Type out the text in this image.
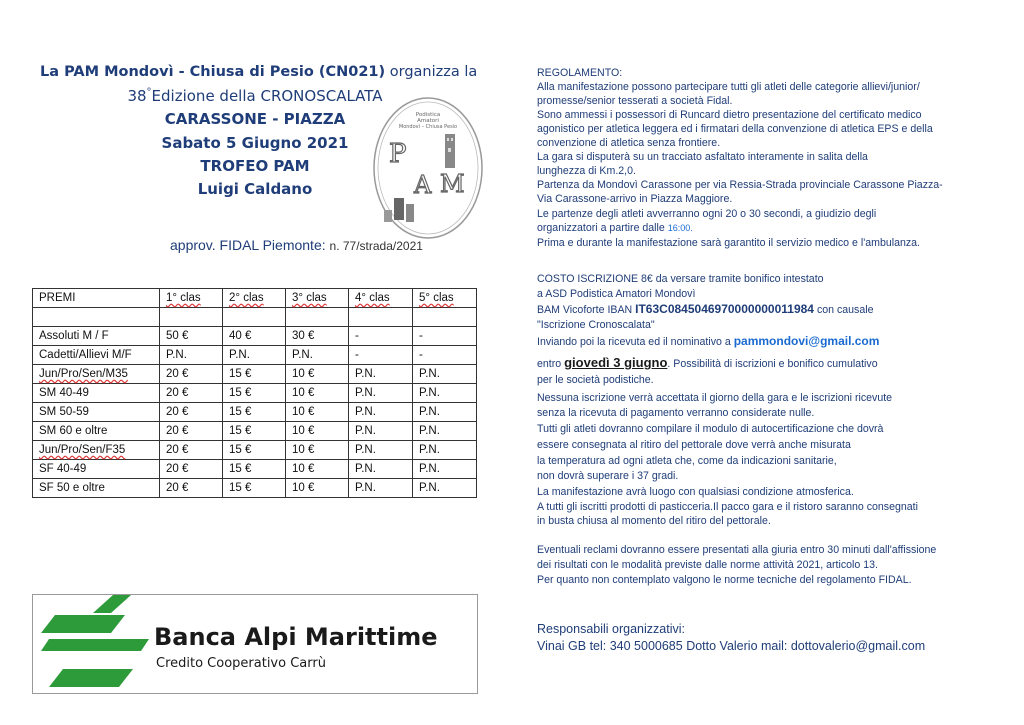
La PAM Mondovì - Chiusa di Pesio (CN021) organizza la
38°Edizione della CRONOSCALATA
CARASSONE - PIAZZA
Sabato 5 Giugno 2021
TROFEO PAM
Luigi Caldano
approv. FIDAL Piemonte: n. 77/strada/2021
Podistica
Amatori
Mondovì – Chiusa Pesio
P
A M
PREMI	1° clas	2° clas	3° clas	4° clas	5° clas

Assoluti M / F	50 €	40 €	30 €	-	-
Cadetti/Allievi M/F	P.N.	P.N.	P.N.	-	-
Jun/Pro/Sen/M35	20 €	15 €	10 €	P.N.	P.N.
SM 40-49	20 €	15 €	10 €	P.N.	P.N.
SM 50-59	20 €	15 €	10 €	P.N.	P.N.
SM 60 e oltre	20 €	15 €	10 €	P.N.	P.N.
Jun/Pro/Sen/F35	20 €	15 €	10 €	P.N.	P.N.
SF 40-49	20 €	15 €	10 €	P.N.	P.N.
SF 50 e oltre	20 €	15 €	10 €	P.N.	P.N.
Banca Alpi Marittime
Credito Cooperativo Carrù
REGOLAMENTO:
Alla manifestazione possono partecipare tutti gli atleti delle categorie allievi/junior/
promesse/senior tesserati a società Fidal.
Sono ammessi i possessori di Runcard dietro presentazione del certificato medico
agonistico per atletica leggera ed i firmatari della convenzione di atletica EPS e della
convenzione di atletica senza frontiere.
La gara si disputerà su un tracciato asfaltato interamente in salita della
lunghezza di Km.2,0.
Partenza da Mondovì Carassone per via Ressia-Strada provinciale Carassone Piazza-
Via Carassone-arrivo in Piazza Maggiore.
Le partenze degli atleti avverranno ogni 20 o 30 secondi, a giudizio degli
organizzatori a partire dalle 16:00.
Prima e durante la manifestazione sarà garantito il servizio medico e l'ambulanza.
COSTO ISCRIZIONE 8€ da versare tramite bonifico intestato
a ASD Podistica Amatori Mondovì
BAM Vicoforte IBAN IT63C0845046970000000011984 con causale
"Iscrizione Cronoscalata"
Inviando poi la ricevuta ed il nominativo a pammondovi@gmail.com
entro giovedì 3 giugno. Possibilità di iscrizioni e bonifico cumulativo
per le società podistiche.
Nessuna iscrizione verrà accettata il giorno della gara e le iscrizioni ricevute
senza la ricevuta di pagamento verranno considerate nulle.
Tutti gli atleti dovranno compilare il modulo di autocertificazione che dovrà
essere consegnata al ritiro del pettorale dove verrà anche misurata
la temperatura ad ogni atleta che, come da indicazioni sanitarie,
non dovrà superare i 37 gradi.
La manifestazione avrà luogo con qualsiasi condizione atmosferica.
A tutti gli iscritti prodotti di pasticceria.Il pacco gara e il ristoro saranno consegnati
in busta chiusa al momento del ritiro del pettorale.
Eventuali reclami dovranno essere presentati alla giuria entro 30 minuti dall'affissione
dei risultati con le modalità previste dalle norme attività 2021, articolo 13.
Per quanto non contemplato valgono le norme tecniche del regolamento FIDAL.
Responsabili organizzativi:
Vinai GB tel: 340 5000685 Dotto Valerio mail: dottovalerio@gmail.com
